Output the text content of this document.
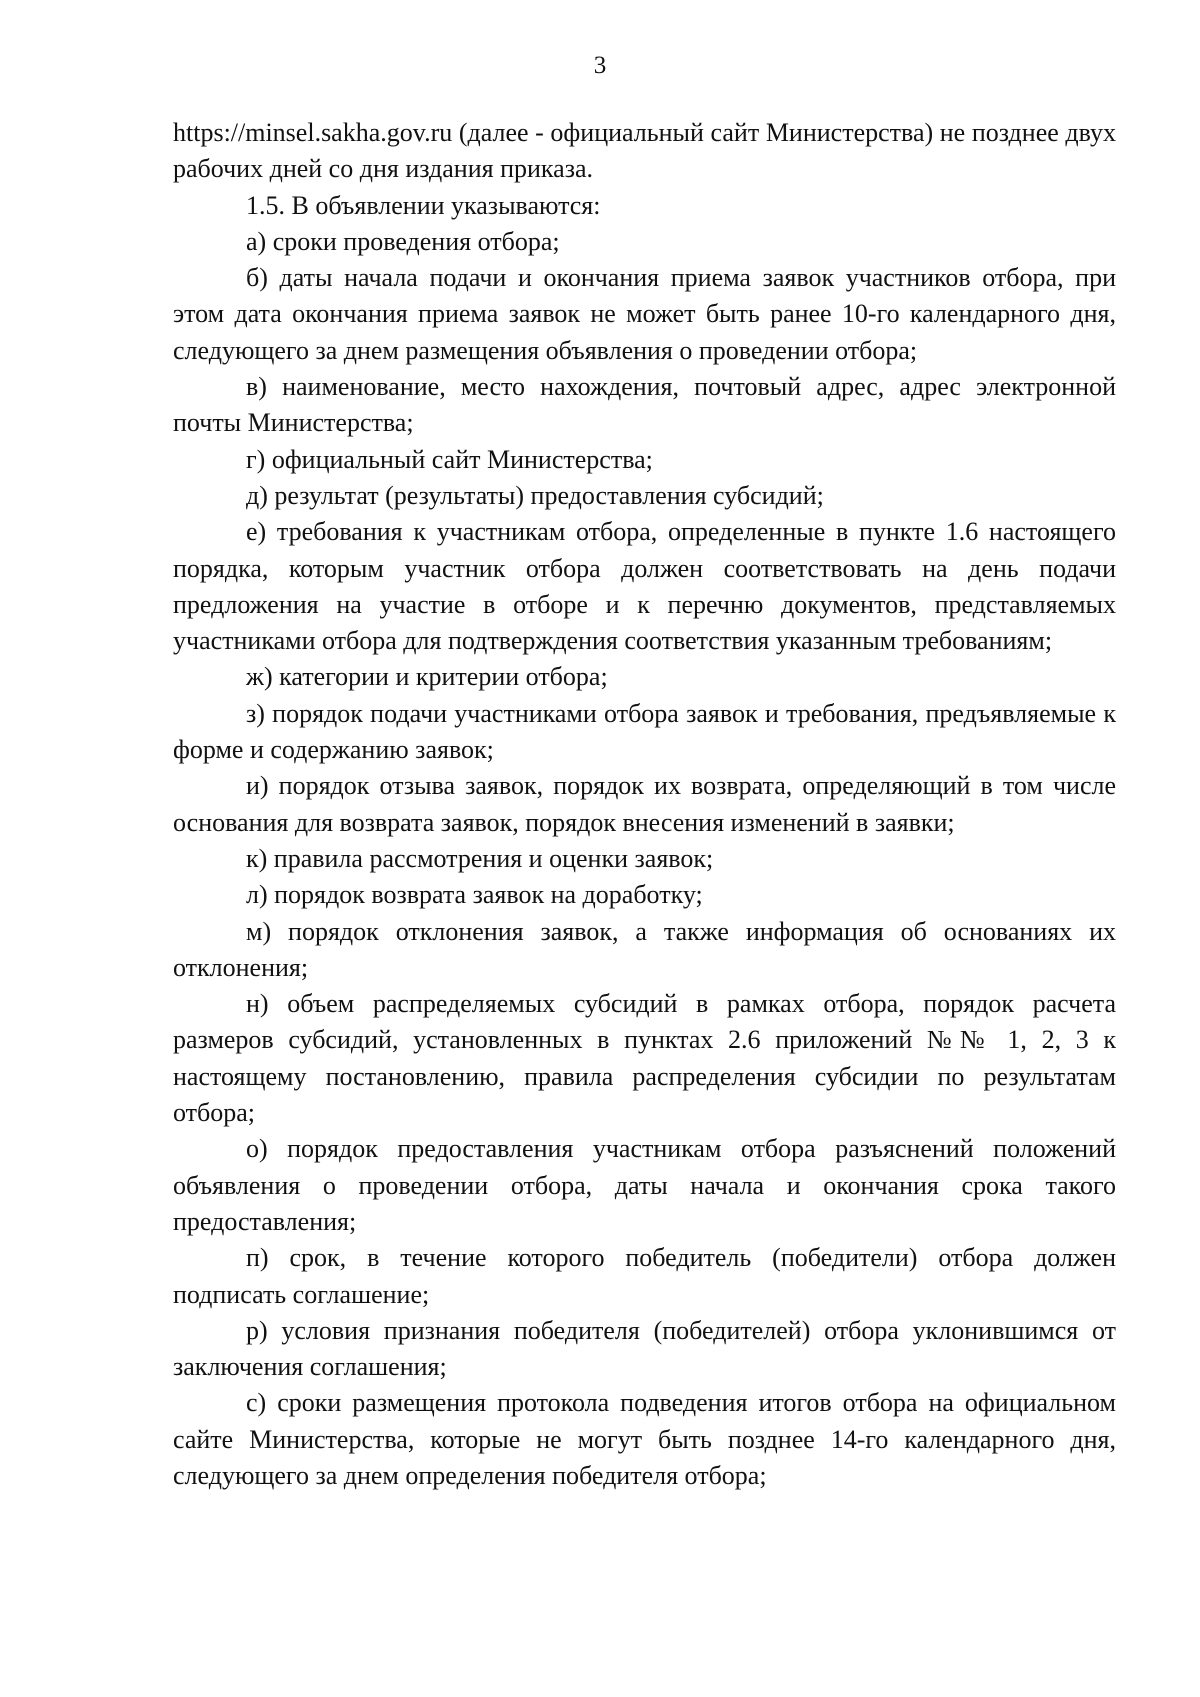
3

https://minsel.sakha.gov.ru (далее - официальный сайт Министерства) не позднее двух рабочих дней со дня издания приказа.

1.5. В объявлении указываются:

а) сроки проведения отбора;

б) даты начала подачи и окончания приема заявок участников отбора, при этом дата окончания приема заявок не может быть ранее 10-го календарного дня, следующего за днем размещения объявления о проведении отбора;

в) наименование, место нахождения, почтовый адрес, адрес электронной почты Министерства;

г) официальный сайт Министерства;

д) результат (результаты) предоставления субсидий;

е) требования к участникам отбора, определенные в пункте 1.6 настоящего порядка, которым участник отбора должен соответствовать на день подачи предложения на участие в отборе и к перечню документов, представляемых участниками отбора для подтверждения соответствия указанным требованиям;

ж) категории и критерии отбора;

з) порядок подачи участниками отбора заявок и требования, предъявляемые к форме и содержанию заявок;

и) порядок отзыва заявок, порядок их возврата, определяющий в том числе основания для возврата заявок, порядок внесения изменений в заявки;

к) правила рассмотрения и оценки заявок;

л) порядок возврата заявок на доработку;

м) порядок отклонения заявок, а также информация об основаниях их отклонения;

н) объем распределяемых субсидий в рамках отбора, порядок расчета размеров субсидий, установленных в пунктах 2.6 приложений №№ 1, 2, 3 к настоящему постановлению, правила распределения субсидии по результатам отбора;

о) порядок предоставления участникам отбора разъяснений положений объявления о проведении отбора, даты начала и окончания срока такого предоставления;

п) срок, в течение которого победитель (победители) отбора должен подписать соглашение;

р) условия признания победителя (победителей) отбора уклонившимся от заключения соглашения;

с) сроки размещения протокола подведения итогов отбора на официальном сайте Министерства, которые не могут быть позднее 14-го календарного дня, следующего за днем определения победителя отбора;
